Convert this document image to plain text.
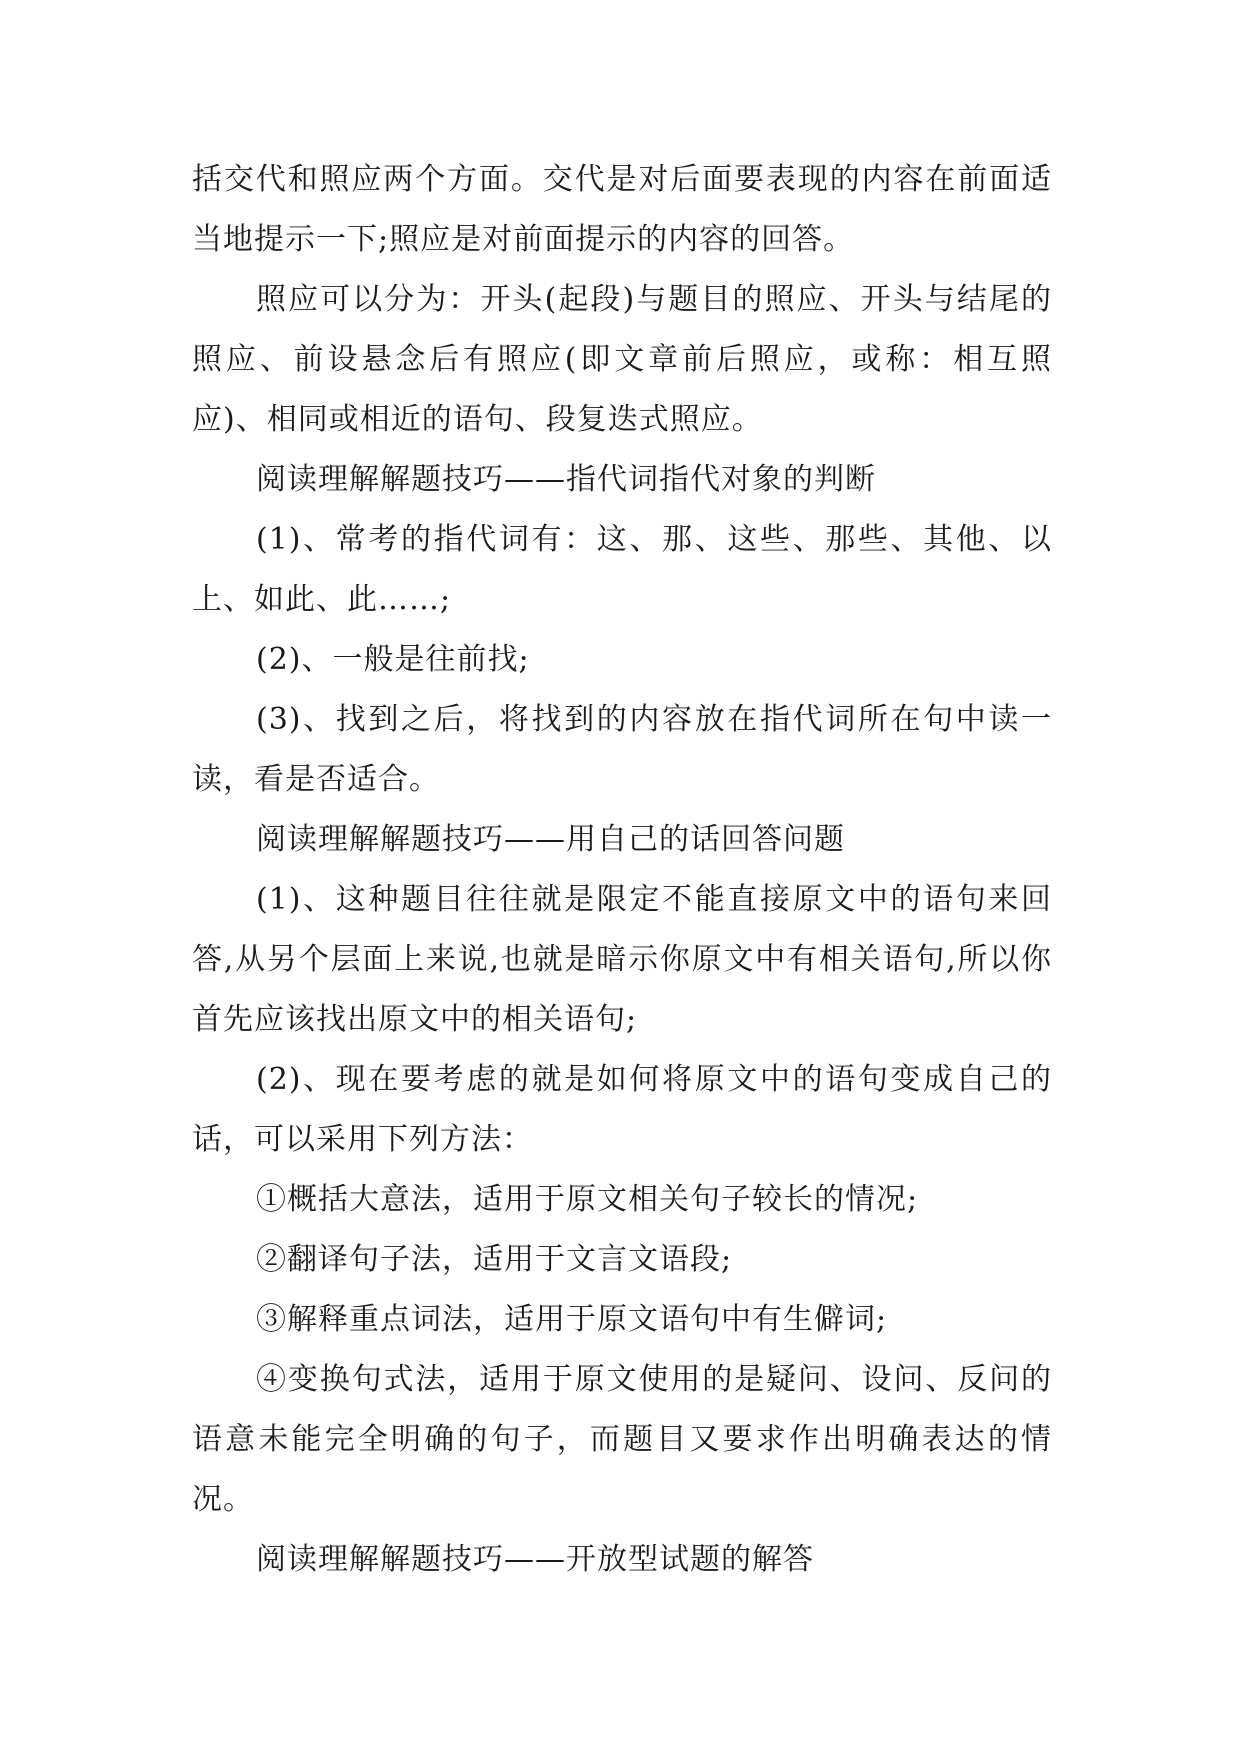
括交代和照应两个方面。交代是对后面要表现的内容在前面适当地提示一下;照应是对前面提示的内容的回答。

照应可以分为：开头(起段)与题目的照应、开头与结尾的照应、前设悬念后有照应(即文章前后照应，或称：相互照应)、相同或相近的语句、段复迭式照应。

阅读理解解题技巧——指代词指代对象的判断

(1)、常考的指代词有：这、那、这些、那些、其他、以上、如此、此……;

(2)、一般是往前找;

(3)、找到之后，将找到的内容放在指代词所在句中读一读，看是否适合。

阅读理解解题技巧——用自己的话回答问题

(1)、这种题目往往就是限定不能直接原文中的语句来回答,从另个层面上来说,也就是暗示你原文中有相关语句,所以你首先应该找出原文中的相关语句;

(2)、现在要考虑的就是如何将原文中的语句变成自己的话，可以采用下列方法：

①概括大意法，适用于原文相关句子较长的情况;

②翻译句子法，适用于文言文语段;

③解释重点词法，适用于原文语句中有生僻词;

④变换句式法，适用于原文使用的是疑问、设问、反问的语意未能完全明确的句子，而题目又要求作出明确表达的情况。

阅读理解解题技巧——开放型试题的解答
